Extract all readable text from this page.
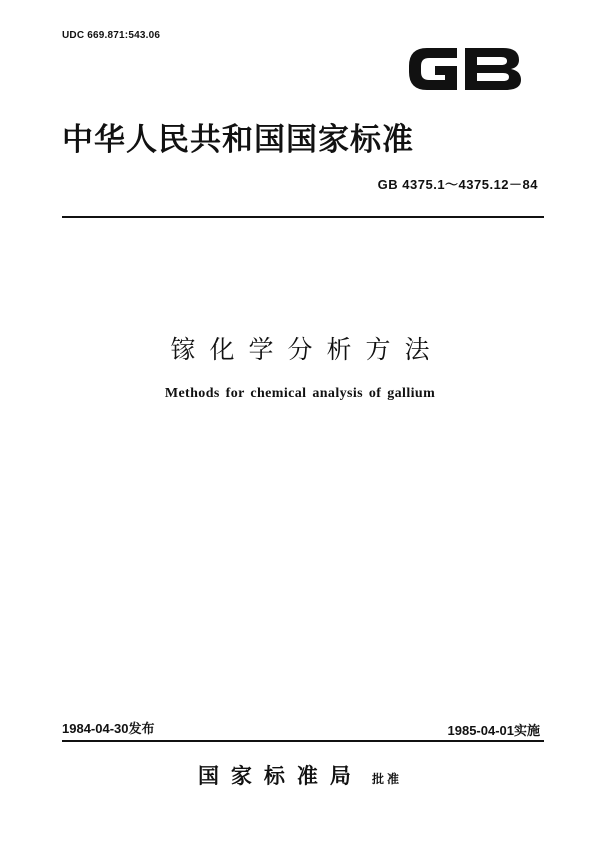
UDC 669.871:543.06
中华人民共和国国家标准
GB 4375.1～4375.12－84
镓化学分析方法
Methods for chemical analysis of gallium
1984-04-30发布	1985-04-01实施
国家标准局 批准
